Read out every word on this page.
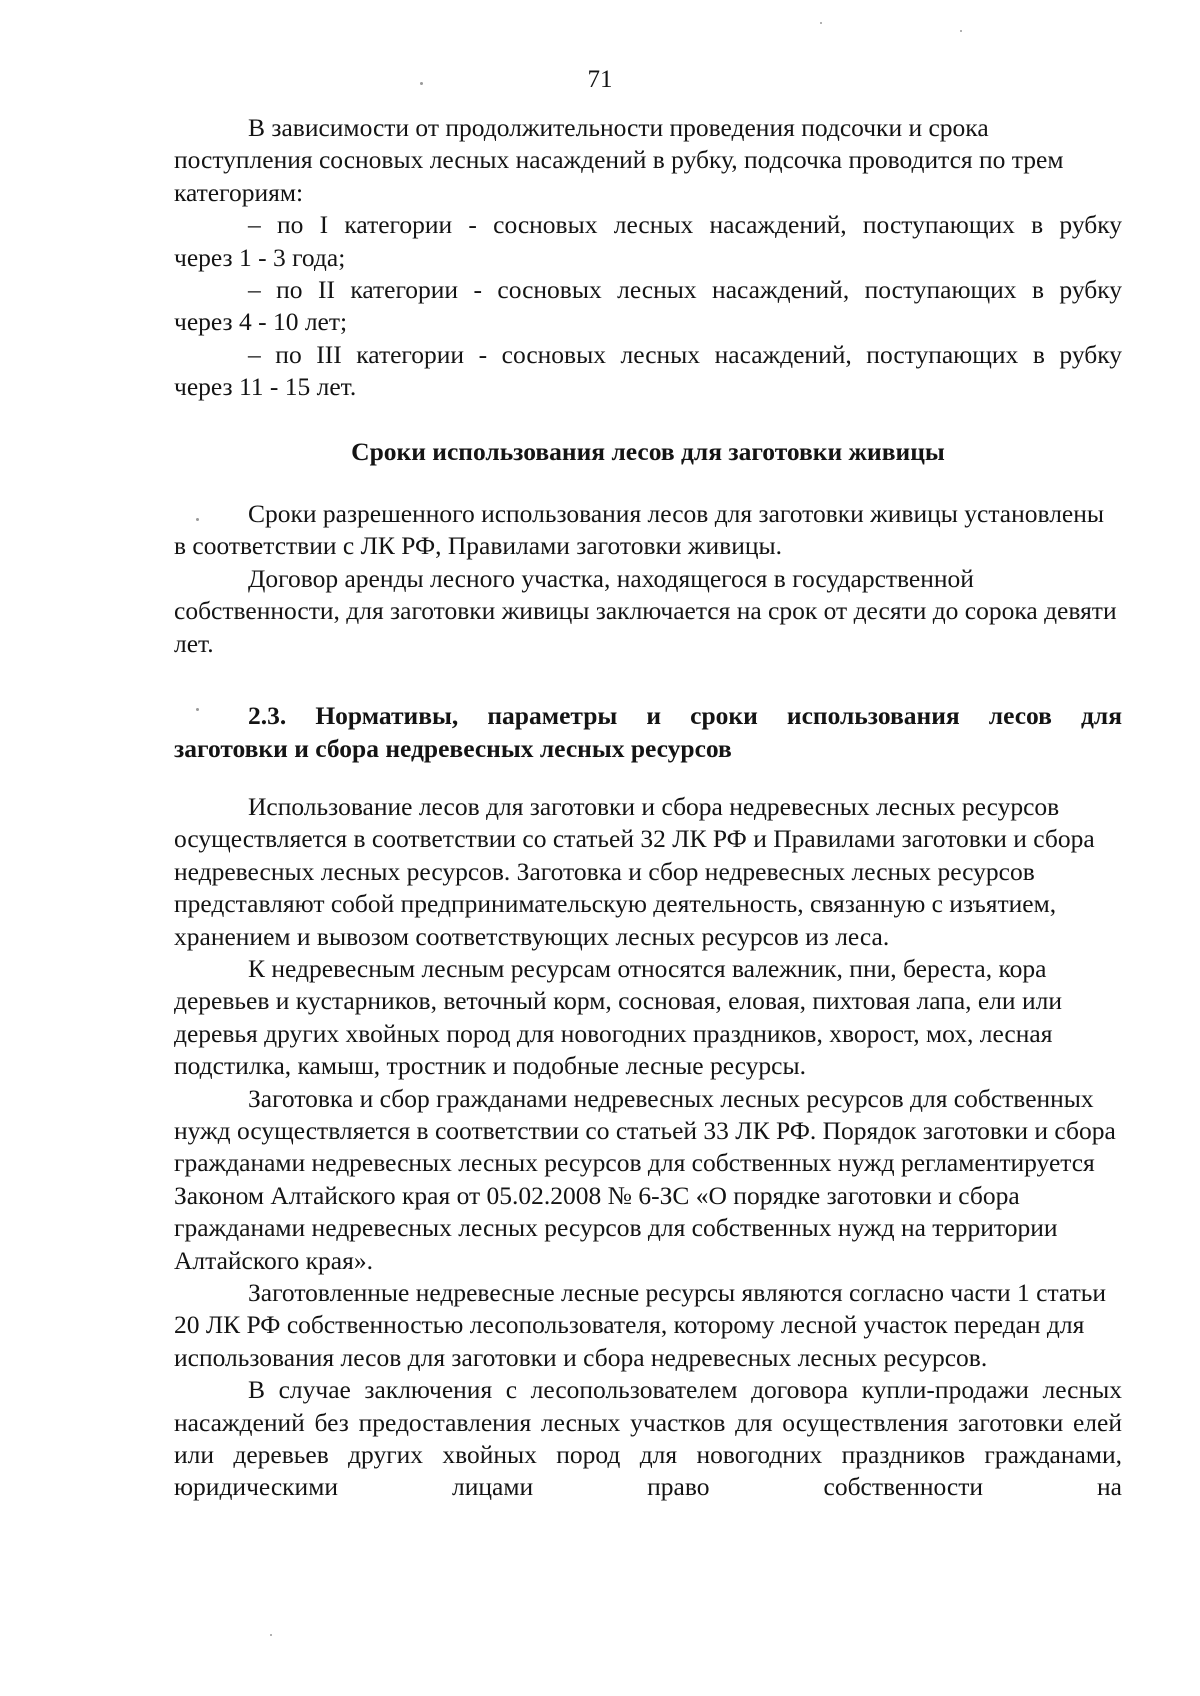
71

В зависимости от продолжительности проведения подсочки и срока поступления сосновых лесных насаждений в рубку, подсочка проводится по трем категориям:

– по I категории - сосновых лесных насаждений, поступающих в рубку

через 1 - 3 года;

– по II категории - сосновых лесных насаждений, поступающих в рубку

через 4 - 10 лет;

– по III категории - сосновых лесных насаждений, поступающих в рубку

через 11 - 15 лет.

Сроки использования лесов для заготовки живицы

Сроки разрешенного использования лесов для заготовки живицы установлены в соответствии с ЛК РФ, Правилами заготовки живицы.

Договор аренды лесного участка, находящегося в государственной собственности, для заготовки живицы заключается на срок от десяти до сорока девяти лет.

2.3. Нормативы, параметры и сроки использования лесов для
заготовки и сбора недревесных лесных ресурсов

Использование лесов для заготовки и сбора недревесных лесных ресурсов осуществляется в соответствии со статьей 32 ЛК РФ и Правилами заготовки и сбора недревесных лесных ресурсов. Заготовка и сбор недревесных лесных ресурсов представляют собой предпринимательскую деятельность, связанную с изъятием, хранением и вывозом соответствующих лесных ресурсов из леса.

К недревесным лесным ресурсам относятся валежник, пни, береста, кора деревьев и кустарников, веточный корм, сосновая, еловая, пихтовая лапа, ели или деревья других хвойных пород для новогодних праздников, хворост, мох, лесная подстилка, камыш, тростник и подобные лесные ресурсы.

Заготовка и сбор гражданами недревесных лесных ресурсов для собственных нужд осуществляется в соответствии со статьей 33 ЛК РФ. Порядок заготовки и сбора гражданами недревесных лесных ресурсов для собственных нужд регламентируется Законом Алтайского края от 05.02.2008 № 6-ЗС «О порядке заготовки и сбора гражданами недревесных лесных ресурсов для собственных нужд на территории Алтайского края».

Заготовленные недревесные лесные ресурсы являются согласно части 1 статьи 20 ЛК РФ собственностью лесопользователя, которому лесной участок передан для использования лесов для заготовки и сбора недревесных лесных ресурсов.

В случае заключения с лесопользователем договора купли-продажи лесных насаждений без предоставления лесных участков для осуществления заготовки елей или деревьев других хвойных пород для новогодних праздников гражданами, юридическими лицами право собственности на
